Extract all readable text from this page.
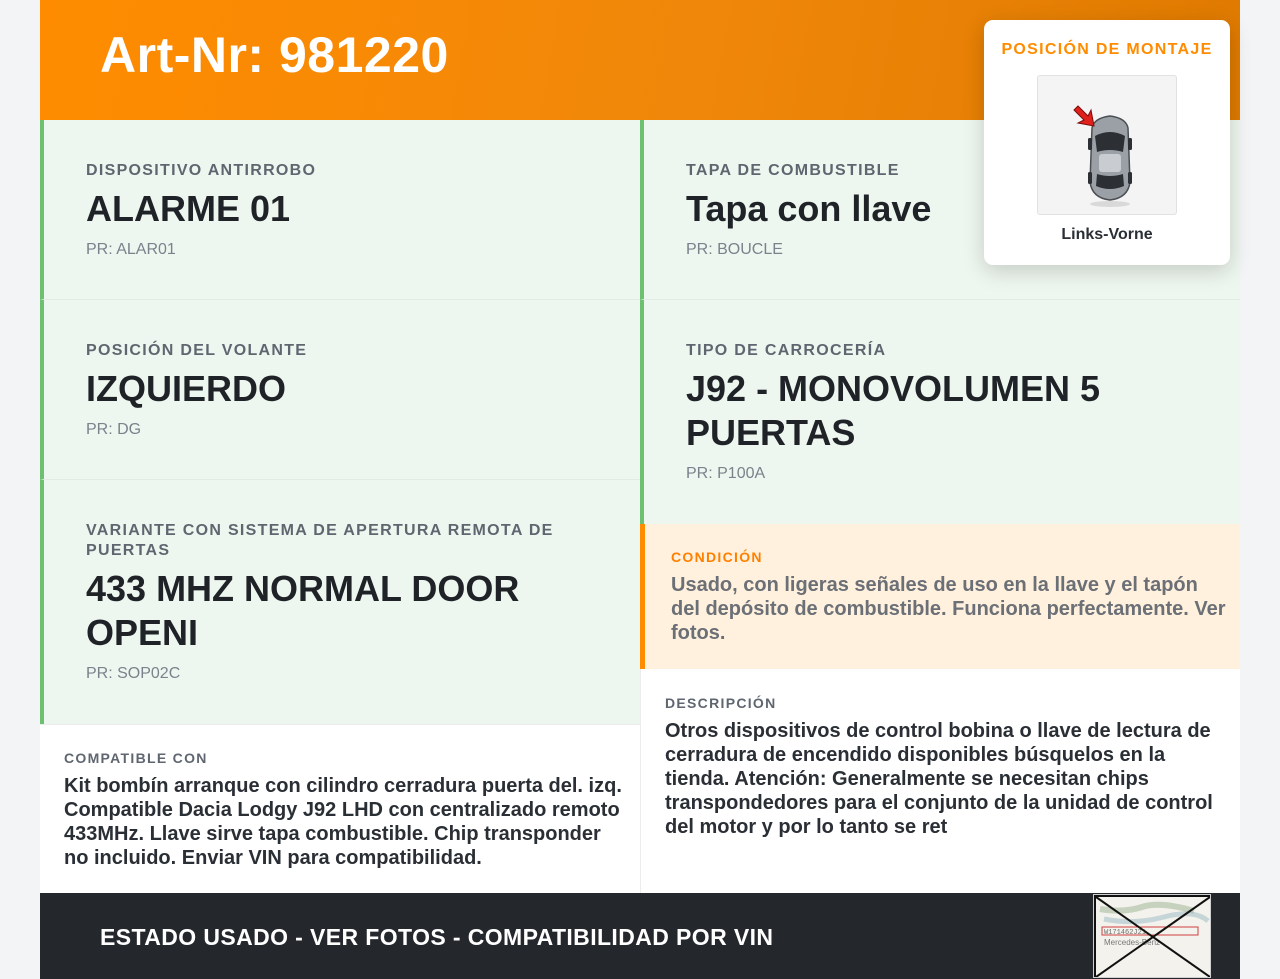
Art-Nr: 981220
DISPOSITIVO ANTIRROBO
ALARME 01
PR: ALAR01
TAPA DE COMBUSTIBLE
Tapa con llave
PR: BOUCLE
POSICIÓN DEL VOLANTE
IZQUIERDO
PR: DG
TIPO DE CARROCERÍA
J92 - MONOVOLUMEN 5 PUERTAS
PR: P100A
VARIANTE CON SISTEMA DE APERTURA REMOTA DE PUERTAS
433 MHZ NORMAL DOOR OPENI
PR: SOP02C
CONDICIÓN
Usado, con ligeras señales de uso en la llave y el tapón del depósito de combustible. Funciona perfectamente. Ver fotos.
DESCRIPCIÓN
Otros dispositivos de control bobina o llave de lectura de cerradura de encendido disponibles búsquelos en la tienda. Atención: Generalmente se necesitan chips transpondedores para el conjunto de la unidad de control del motor y por lo tanto se ret
COMPATIBLE CON
Kit bombín arranque con cilindro cerradura puerta del. izq. Compatible Dacia Lodgy J92 LHD con centralizado remoto 433MHz. Llave sirve tapa combustible. Chip transponder no incluido. Enviar VIN para compatibilidad.
ESTADO USADO - VER FOTOS - COMPATIBILIDAD POR VIN	W171462J21
Mercedes-Benz
POSICIÓN DE MONTAJE
Links-Vorne
